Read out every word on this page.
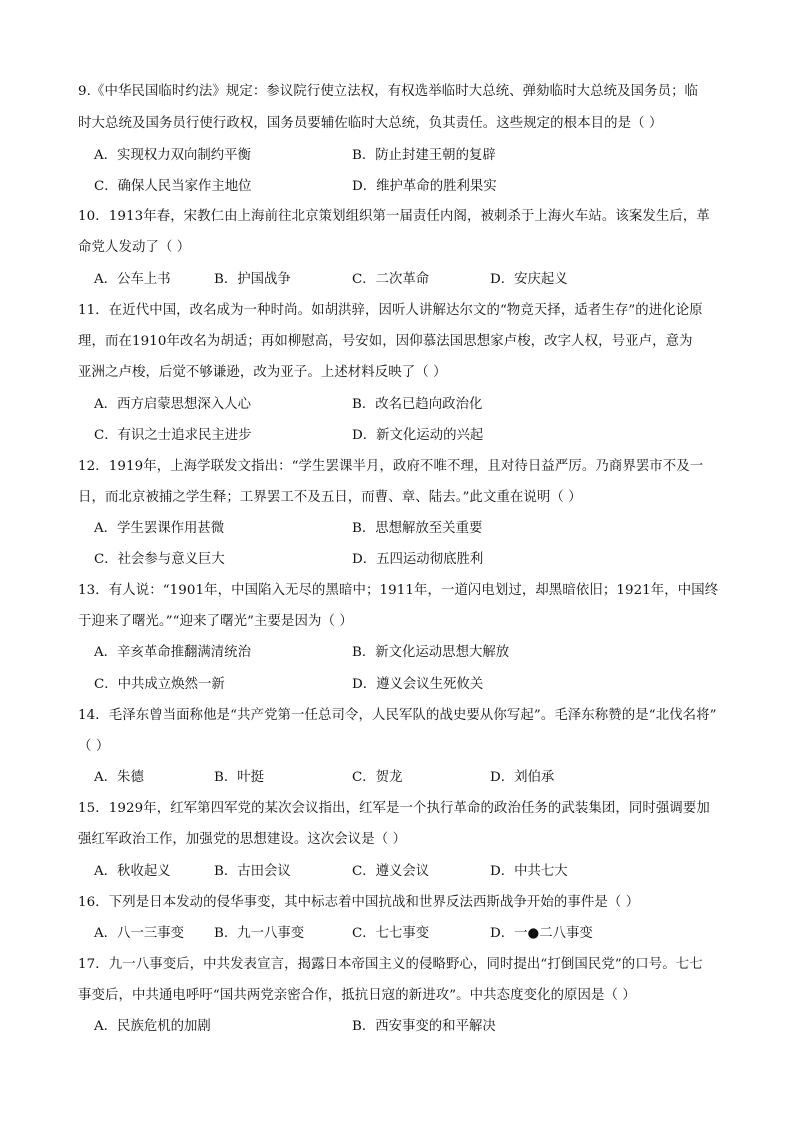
9.《中华民国临时约法》规定：参议院行使立法权，有权选举临时大总统、弹劾临时大总统及国务员；临
时大总统及国务员行使行政权，国务员要辅佐临时大总统，负其责任。这些规定的根本目的是（ ）
A．实现权力双向制约平衡	B．防止封建王朝的复辟
C．确保人民当家作主地位	D．维护革命的胜利果实
10．1913年春，宋教仁由上海前往北京策划组织第一届责任内阁，被刺杀于上海火车站。该案发生后，革
命党人发动了（ ）
A．公车上书	B．护国战争	C．二次革命	D．安庆起义
11．在近代中国，改名成为一种时尚。如胡洪骍，因听人讲解达尔文的“物竞天择，适者生存”的进化论原
理，而在1910年改名为胡适；再如柳慰高，号安如，因仰慕法国思想家卢梭，改字人权，号亚卢，意为
亚洲之卢梭，后觉不够谦逊，改为亚子。上述材料反映了（ ）
A．西方启蒙思想深入人心	B．改名已趋向政治化
C．有识之士追求民主进步	D．新文化运动的兴起
12．1919年，上海学联发文指出：“学生罢课半月，政府不唯不理，且对待日益严厉。乃商界罢市不及一
日，而北京被捕之学生释；工界罢工不及五日，而曹、章、陆去。”此文重在说明（ ）
A．学生罢课作用甚微	B．思想解放至关重要
C．社会参与意义巨大	D．五四运动彻底胜利
13．有人说：“1901年，中国陷入无尽的黑暗中；1911年，一道闪电划过，却黑暗依旧；1921年，中国终
于迎来了曙光。”“迎来了曙光”主要是因为（ ）
A．辛亥革命推翻满清统治	B．新文化运动思想大解放
C．中共成立焕然一新	D．遵义会议生死攸关
14．毛泽东曾当面称他是“共产党第一任总司令，人民军队的战史要从你写起”。毛泽东称赞的是“北伐名将”
（ ）
A．朱德	B．叶挺	C．贺龙	D．刘伯承
15．1929年，红军第四军党的某次会议指出，红军是一个执行革命的政治任务的武装集团，同时强调要加
强红军政治工作，加强党的思想建设。这次会议是（ ）
A．秋收起义	B．古田会议	C．遵义会议	D．中共七大
16．下列是日本发动的侵华事变，其中标志着中国抗战和世界反法西斯战争开始的事件是（ ）
A．八一三事变 B．九一八事变	C．七七事变	D．一●二八事变
17．九一八事变后，中共发表宣言，揭露日本帝国主义的侵略野心，同时提出“打倒国民党”的口号。七七
事变后，中共通电呼吁“国共两党亲密合作，抵抗日寇的新进攻”。中共态度变化的原因是（ ）
A．民族危机的加剧	B．西安事变的和平解决
